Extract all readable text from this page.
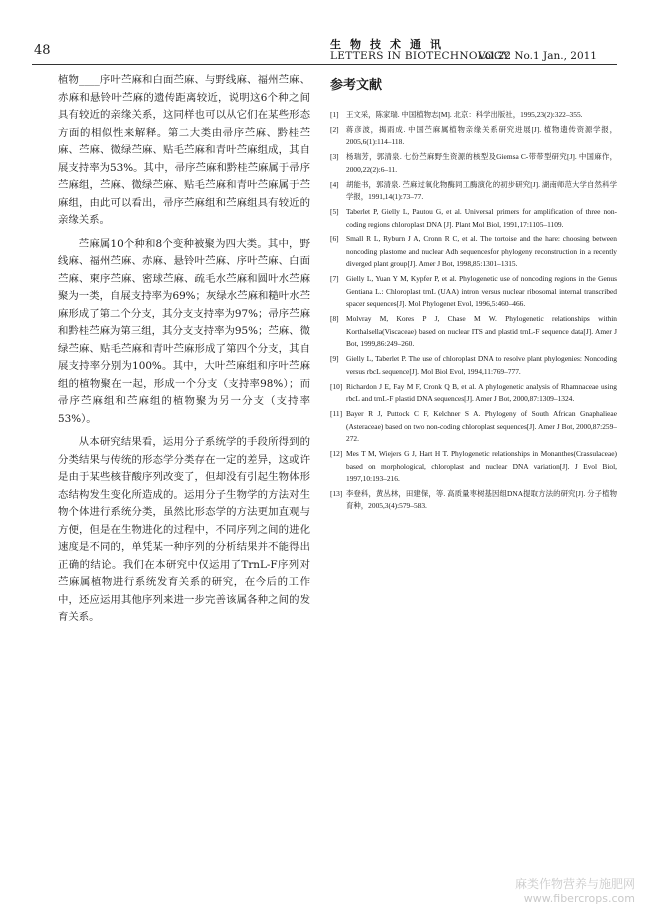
48	生物技术通讯
LETTERS IN BIOTECHNOLOGY
Vol.22 No.1 Jan., 2011

植物____序叶苎麻和白面苎麻、与野线麻、福州苎麻、赤麻和悬铃叶苎麻的遗传距离较近，说明这6个种之间具有较近的亲缘关系，这同样也可以从它们在某些形态方面的相似性来解释。第二大类由帚序苎麻、黔桂苎麻、苎麻、微绿苎麻、贴毛苎麻和青叶苎麻组成，其自展支持率为53%。其中，帚序苎麻和黔桂苎麻属于帚序苎麻组，苎麻、微绿苎麻、贴毛苎麻和青叶苎麻属于苎麻组，由此可以看出，帚序苎麻组和苎麻组具有较近的亲缘关系。

苎麻属10个种和8个变种被聚为四大类。其中，野线麻、福州苎麻、赤麻、悬铃叶苎麻、序叶苎麻、白面苎麻、柬序苎麻、密球苎麻、疏毛水苎麻和圆叶水苎麻聚为一类，自展支持率为69%；灰绿水苎麻和糙叶水苎麻形成了第二个分支，其分支支持率为97%；帚序苎麻和黔桂苎麻为第三组，其分支支持率为95%；苎麻、微绿苎麻、贴毛苎麻和青叶苎麻形成了第四个分支，其自展支持率分别为100%。其中，大叶苎麻组和序叶苎麻组的植物聚在一起，形成一个分支（支持率98%）；而帚序苎麻组和苎麻组的植物聚为另一分支（支持率53%）。

从本研究结果看，运用分子系统学的手段所得到的分类结果与传统的形态学分类存在一定的差异，这或许是由于某些核苷酸序列改变了，但却没有引起生物体形态结构发生变化所造成的。运用分子生物学的方法对生物个体进行系统分类，虽然比形态学的方法更加直观与方便，但是在生物进化的过程中，不同序列之间的进化速度是不同的，单凭某一种序列的分析结果并不能得出正确的结论。我们在本研究中仅运用了TrnL-F序列对苎麻属植物进行系统发育关系的研究，在今后的工作中，还应运用其他序列来进一步完善该属各种之间的发育关系。

参考文献
[1] 王文采，陈家瑞. 中国植物志[M]. 北京：科学出版社，1995,23(2):322–355.
[2] 蒋彦波，揭雨成. 中国苎麻属植物亲缘关系研究进展[J]. 植物遗传资源学报，2005,6(1):114–118.
[3] 杨瑞芳，郭清泉. 七份苎麻野生资源的核型及Giemsa C-带带型研究[J]. 中国麻作，2000,22(2):6–11.
[4] 胡能书，郭清泉. 苎麻过氧化物酶同工酶演化的初步研究[J]. 湖南师范大学自然科学学报，1991,14(1):73–77.
[5] Taberlet P, Gielly L, Pautou G, et al. Universal primers for amplification of three non-coding regions chloroplast DNA [J]. Plant Mol Biol, 1991,17:1105–1109.
[6] Small R L, Ryburn J A, Cronn R C, et al. The tortoise and the hare: choosing between noncoding plastome and nuclear Adh sequencesfor phylogeny reconstruction in a recently diverged plant group[J]. Amer J Bot, 1998,85:1301–1315.
[7] Gielly L, Yuan Y M, Kypfer P, et al. Phylogenetic use of noncoding regions in the Genus Gentiana L.: Chloroplast trnL (UAA) intron versus nuclear ribosomal internal transcribed spacer sequences[J]. Mol Phylogenet Evol, 1996,5:460–466.
[8] Molvray M, Kores P J, Chase M W. Phylogenetic relationships within Korthalsella(Viscaceae) based on nuclear ITS and plastid trnL-F sequence data[J]. Amer J Bot, 1999,86:249–260.
[9] Gielly L, Taberlet P. The use of chloroplast DNA to resolve plant phylogenies: Noncoding versus rbcL sequence[J]. Mol Biol Evol, 1994,11:769–777.
[10] Richardon J E, Fay M F, Cronk Q B, et al. A phylogenetic analysis of Rhamnaceae using rbcL and trnL-F plastid DNA sequences[J]. Amer J Bot, 2000,87:1309–1324.
[11] Bayer R J, Puttock C F, Kelchner S A. Phylogeny of South African Gnaphalieae (Asteraceae) based on two non-coding chloroplast sequences[J]. Amer J Bot, 2000,87:259–272.
[12] Mes T M, Wiejers G J, Hart H T. Phylogenetic relationships in Monanthes(Crassulaceae) based on morphological, chloroplast and nuclear DNA variation[J]. J Evol Biol, 1997,10:193–216.
[13] 李登科，黄丛林，田建保，等. 高质量枣树基因组DNA提取方法的研究[J]. 分子植物育种，2005,3(4):579–583.
麻类作物营养与施肥网
www.fibercrops.com
